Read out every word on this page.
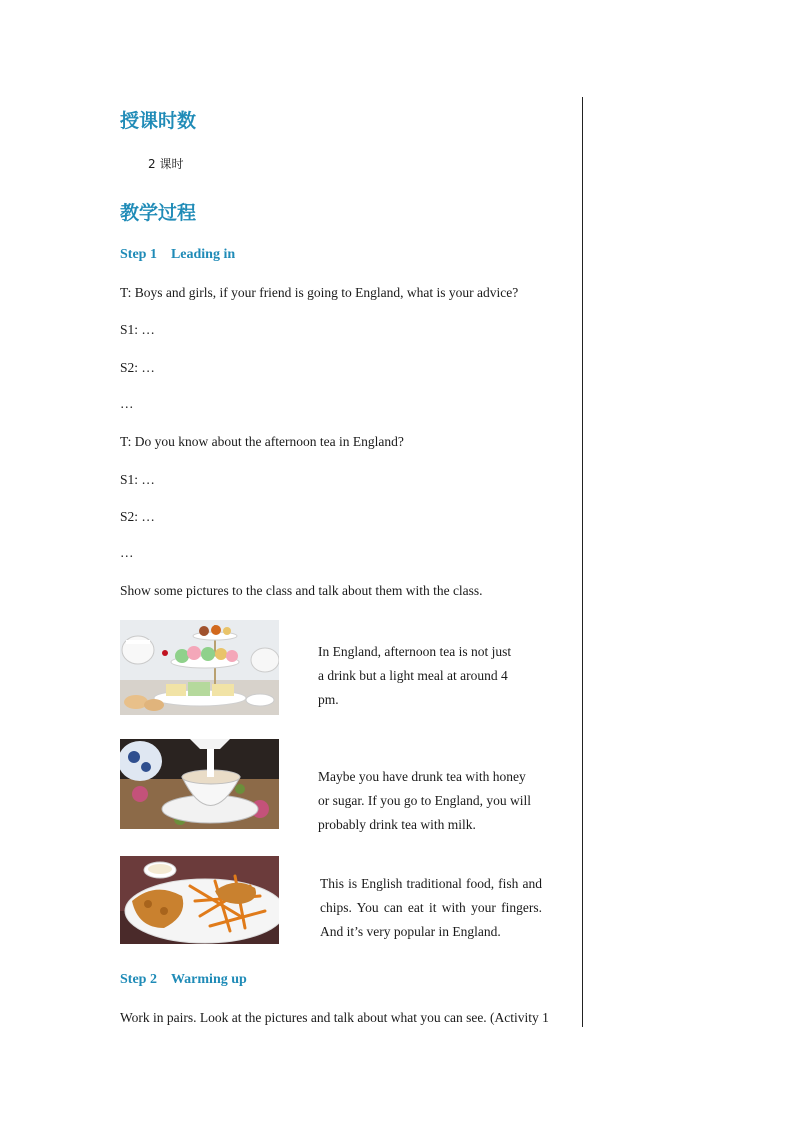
授课时数
2 课时
教学过程
Step 1 Leading in
T: Boys and girls, if your friend is going to England, what is your advice?
S1: …
S2: …
…
T: Do you know about the afternoon tea in England?
S1: …
S2: …
…
Show some pictures to the class and talk about them with the class.
In England, afternoon tea is not just
a drink but a light meal at around 4
pm.
Maybe you have drunk tea with honey
or sugar. If you go to England, you will
probably drink tea with milk.
This is English traditional food, fish and chips. You can eat it with your fingers. And it’s very popular in England.
Step 2 Warming up
Work in pairs. Look at the pictures and talk about what you can see. (Activity 1
